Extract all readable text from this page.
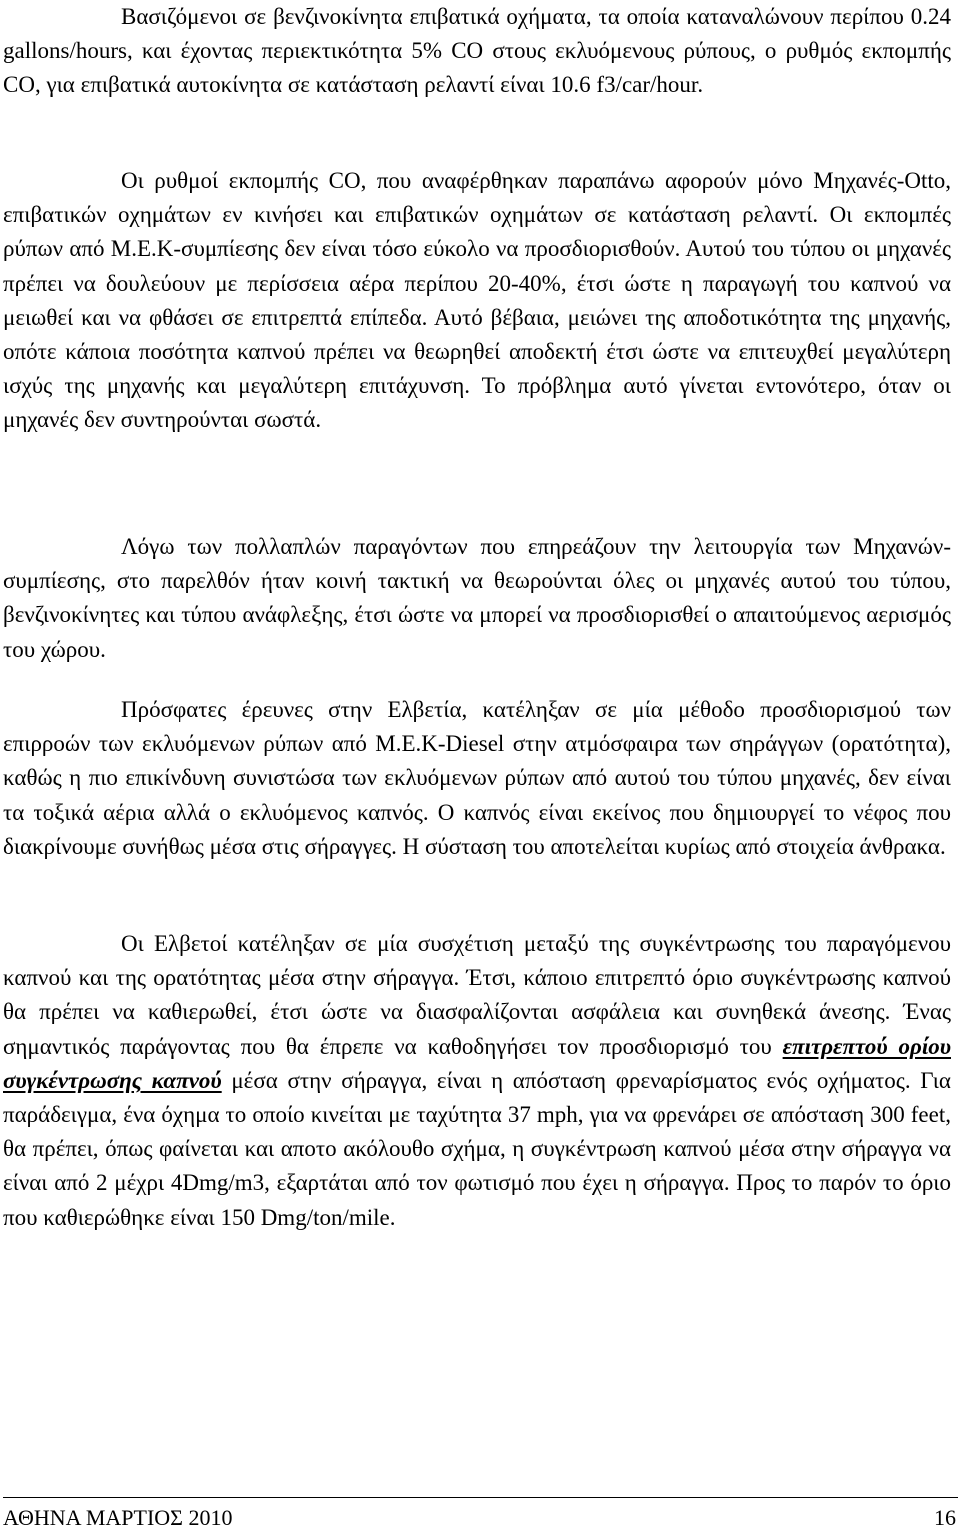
Βασιζόμενοι σε βενζινοκίνητα επιβατικά οχήματα, τα οποία καταναλώνουν περίπου 0.24 gallons/hours, και έχοντας περιεκτικότητα 5% CO στους εκλυόμενους ρύπους, ο ρυθμός εκπομπής CO, για επιβατικά αυτοκίνητα σε κατάσταση ρελαντί είναι 10.6 f3/car/hour.

Οι ρυθμοί εκπομπής CO, που αναφέρθηκαν παραπάνω αφορούν μόνο Μηχανές-Otto, επιβατικών οχημάτων εν κινήσει και επιβατικών οχημάτων σε κατάσταση ρελαντί. Οι εκπομπές ρύπων από Μ.Ε.Κ-συμπίεσης δεν είναι τόσο εύκολο να προσδιορισθούν. Αυτού του τύπου οι μηχανές πρέπει να δουλεύουν με περίσσεια αέρα περίπου 20-40%, έτσι ώστε η παραγωγή του καπνού να μειωθεί και να φθάσει σε επιτρεπτά επίπεδα. Αυτό βέβαια, μειώνει της αποδοτικότητα της μηχανής, οπότε κάποια ποσότητα καπνού πρέπει να θεωρηθεί αποδεκτή έτσι ώστε να επιτευχθεί μεγαλύτερη ισχύς της μηχανής και μεγαλύτερη επιτάχυνση. Το πρόβλημα αυτό γίνεται εντονότερο, όταν οι μηχανές δεν συντηρούνται σωστά.

Λόγω των πολλαπλών παραγόντων που επηρεάζουν την λειτουργία των Μηχανών-συμπίεσης, στο παρελθόν ήταν κοινή τακτική να θεωρούνται όλες οι μηχανές αυτού του τύπου, βενζινοκίνητες και τύπου ανάφλεξης, έτσι ώστε να μπορεί να προσδιορισθεί ο απαιτούμενος αερισμός του χώρου.

Πρόσφατες έρευνες στην Ελβετία, κατέληξαν σε μία μέθοδο προσδιορισμού των επιρροών των εκλυόμενων ρύπων από Μ.Ε.Κ-Diesel στην ατμόσφαιρα των σηράγγων (ορατότητα), καθώς η πιο επικίνδυνη συνιστώσα των εκλυόμενων ρύπων από αυτού του τύπου μηχανές, δεν είναι τα τοξικά αέρια αλλά ο εκλυόμενος καπνός. Ο καπνός είναι εκείνος που δημιουργεί το νέφος που διακρίνουμε συνήθως μέσα στις σήραγγες. Η σύσταση του αποτελείται κυρίως από στοιχεία άνθρακα.

Οι Ελβετοί κατέληξαν σε μία συσχέτιση μεταξύ της συγκέντρωσης του παραγόμενου καπνού και της ορατότητας μέσα στην σήραγγα. Έτσι, κάποιο επιτρεπτό όριο συγκέντρωσης καπνού θα πρέπει να καθιερωθεί, έτσι ώστε να διασφαλίζονται ασφάλεια και συνηθεκά άνεσης. Ένας σημαντικός παράγοντας που θα έπρεπε να καθοδηγήσει τον προσδιορισμό του επιτρεπτού ορίου συγκέντρωσης καπνού μέσα στην σήραγγα, είναι η απόσταση φρεναρίσματος ενός οχήματος. Για παράδειγμα, ένα όχημα το οποίο κινείται με ταχύτητα 37 mph, για να φρενάρει σε απόσταση 300 feet, θα πρέπει, όπως φαίνεται και αποτο ακόλουθο σχήμα, η συγκέντρωση καπνού μέσα στην σήραγγα να είναι από 2 μέχρι 4Dmg/m3, εξαρτάται από τον φωτισμό που έχει η σήραγγα. Προς το παρόν το όριο που καθιερώθηκε είναι 150 Dmg/ton/mile.

ΑΘΗΝΑ ΜΑΡΤΙΟΣ 2010	16
